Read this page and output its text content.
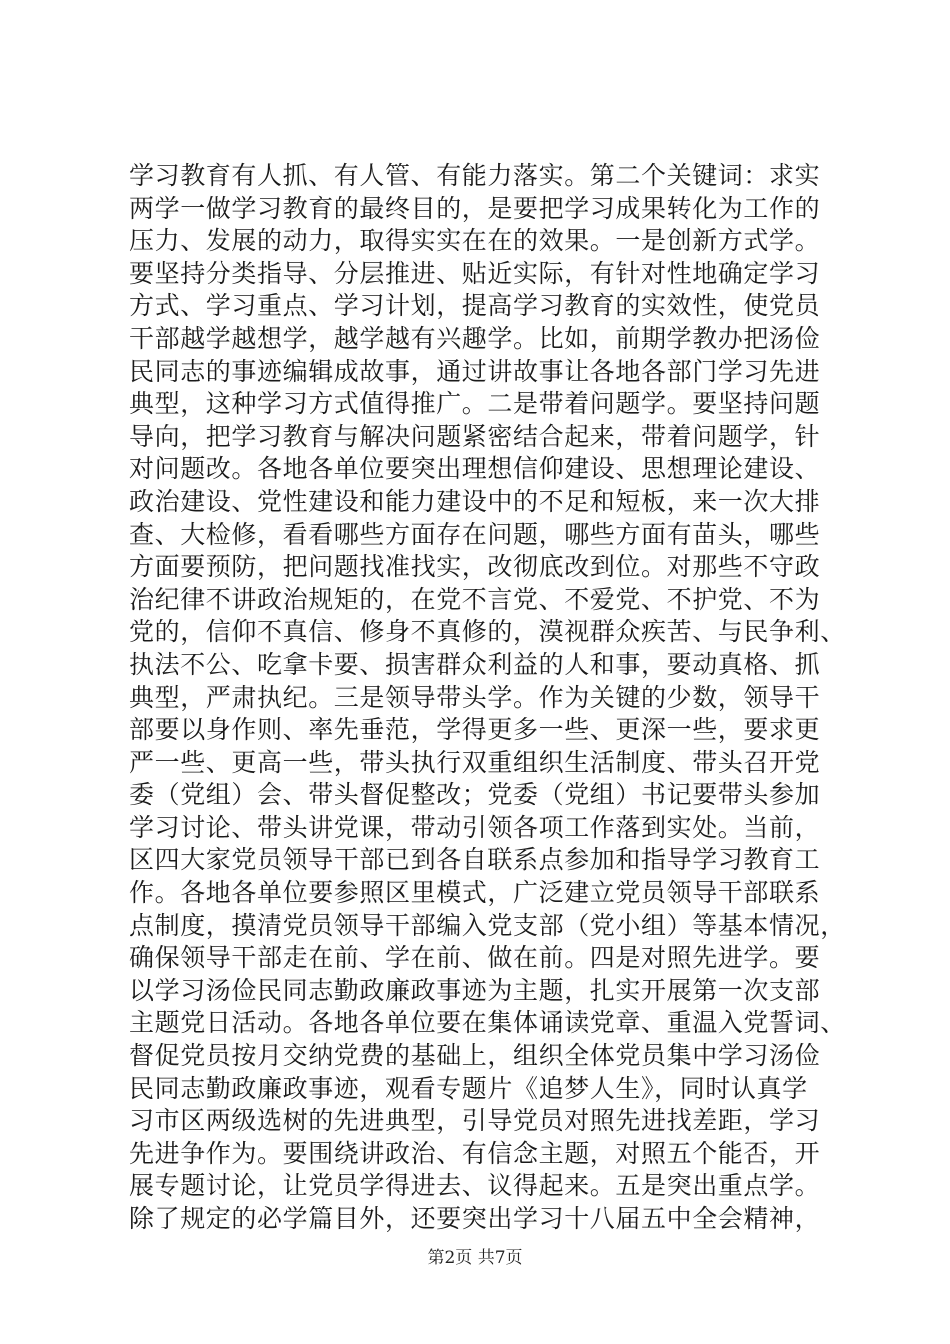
学习教育有人抓、有人管、有能力落实。第二个关键词：求实
两学一做学习教育的最终目的，是要把学习成果转化为工作的
压力、发展的动力，取得实实在在的效果。一是创新方式学。
要坚持分类指导、分层推进、贴近实际，有针对性地确定学习
方式、学习重点、学习计划，提高学习教育的实效性，使党员
干部越学越想学，越学越有兴趣学。比如，前期学教办把汤俭
民同志的事迹编辑成故事，通过讲故事让各地各部门学习先进
典型，这种学习方式值得推广。二是带着问题学。要坚持问题
导向，把学习教育与解决问题紧密结合起来，带着问题学，针
对问题改。各地各单位要突出理想信仰建设、思想理论建设、
政治建设、党性建设和能力建设中的不足和短板，来一次大排
查、大检修，看看哪些方面存在问题，哪些方面有苗头，哪些
方面要预防，把问题找准找实，改彻底改到位。对那些不守政
治纪律不讲政治规矩的，在党不言党、不爱党、不护党、不为
党的，信仰不真信、修身不真修的，漠视群众疾苦、与民争利、
执法不公、吃拿卡要、损害群众利益的人和事，要动真格、抓
典型，严肃执纪。三是领导带头学。作为关键的少数，领导干
部要以身作则、率先垂范，学得更多一些、更深一些，要求更
严一些、更高一些，带头执行双重组织生活制度、带头召开党
委（党组）会、带头督促整改；党委（党组）书记要带头参加
学习讨论、带头讲党课，带动引领各项工作落到实处。当前，
区四大家党员领导干部已到各自联系点参加和指导学习教育工
作。各地各单位要参照区里模式，广泛建立党员领导干部联系
点制度，摸清党员领导干部编入党支部（党小组）等基本情况，
确保领导干部走在前、学在前、做在前。四是对照先进学。要
以学习汤俭民同志勤政廉政事迹为主题，扎实开展第一次支部
主题党日活动。各地各单位要在集体诵读党章、重温入党誓词、
督促党员按月交纳党费的基础上，组织全体党员集中学习汤俭
民同志勤政廉政事迹，观看专题片《追梦人生》，同时认真学
习市区两级选树的先进典型，引导党员对照先进找差距，学习
先进争作为。要围绕讲政治、有信念主题，对照五个能否，开
展专题讨论，让党员学得进去、议得起来。五是突出重点学。
除了规定的必学篇目外，还要突出学习十八届五中全会精神，
第2页 共7页
